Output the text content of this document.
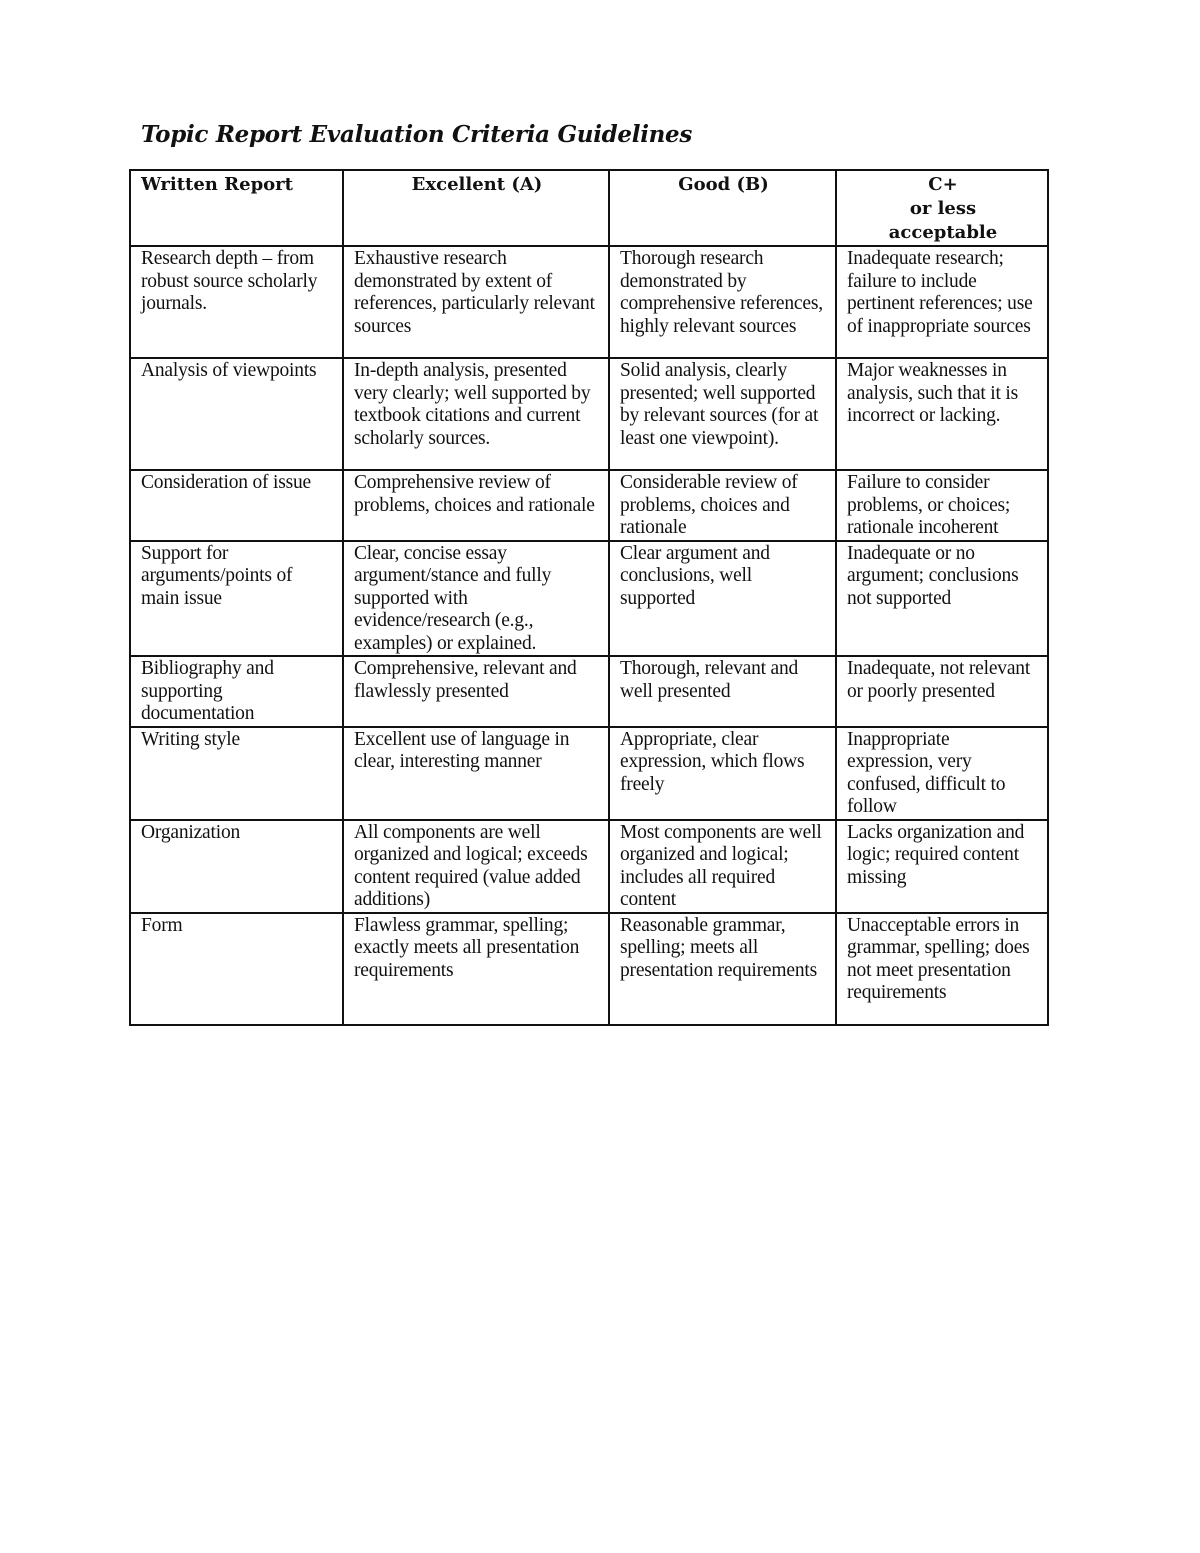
Topic Report Evaluation Criteria Guidelines
Written Report	Excellent (A)	Good (B)	C+
or less
acceptable

Research depth – from robust source scholarly journals.	Exhaustive research demonstrated by extent of references, particularly relevant sources	Thorough research demonstrated by comprehensive references, highly relevant sources	Inadequate research; failure to include pertinent references; use of inappropriate sources
Analysis of viewpoints	In-depth analysis, presented very clearly; well supported by textbook citations and current scholarly sources.	Solid analysis, clearly presented; well supported by relevant sources (for at least one viewpoint).	Major weaknesses in analysis, such that it is incorrect or lacking.
Consideration of issue	Comprehensive review of problems, choices and rationale	Considerable review of problems, choices and rationale	Failure to consider problems, or choices; rationale incoherent
Support for arguments/points of main issue	Clear, concise essay argument/stance and fully supported with evidence/research (e.g., examples) or explained.	Clear argument and conclusions, well supported	Inadequate or no argument; conclusions not supported
Bibliography and supporting documentation	Comprehensive, relevant and flawlessly presented	Thorough, relevant and well presented	Inadequate, not relevant or poorly presented
Writing style	Excellent use of language in clear, interesting manner	Appropriate, clear expression, which flows freely	Inappropriate expression, very confused, difficult to follow
Organization	All components are well organized and logical; exceeds content required (value added additions)	Most components are well organized and logical; includes all required content	Lacks organization and logic; required content missing
Form	Flawless grammar, spelling; exactly meets all presentation requirements	Reasonable grammar, spelling; meets all presentation requirements	Unacceptable errors in grammar, spelling; does not meet presentation requirements
